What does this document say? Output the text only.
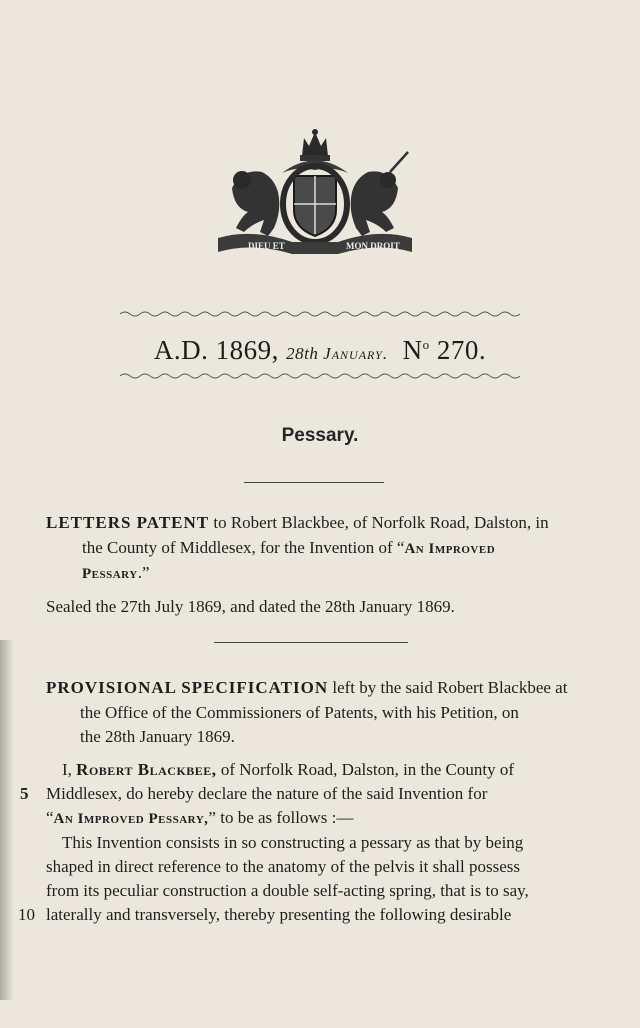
DIEU ET	MON DROIT
A.D. 1869, 28th January. $N^o$ 270.
Pessary.
LETTERS PATENT to Robert Blackbee, of Norfolk Road, Dalston, in
the County of Middlesex, for the Invention of “An Improved
Pessary.”
Sealed the 27th July 1869, and dated the 28th January 1869.
PROVISIONAL SPECIFICATION left by the said Robert Blackbee at
the Office of the Commissioners of Patents, with his Petition, on
the 28th January 1869.
I, Robert Blackbee, of Norfolk Road, Dalston, in the County of
5 Middlesex, do hereby declare the nature of the said Invention for
“An Improved Pessary,” to be as follows :—
This Invention consists in so constructing a pessary as that by being
shaped in direct reference to the anatomy of the pelvis it shall possess
from its peculiar construction a double self-acting spring, that is to say,
10 laterally and transversely, thereby presenting the following desirable
